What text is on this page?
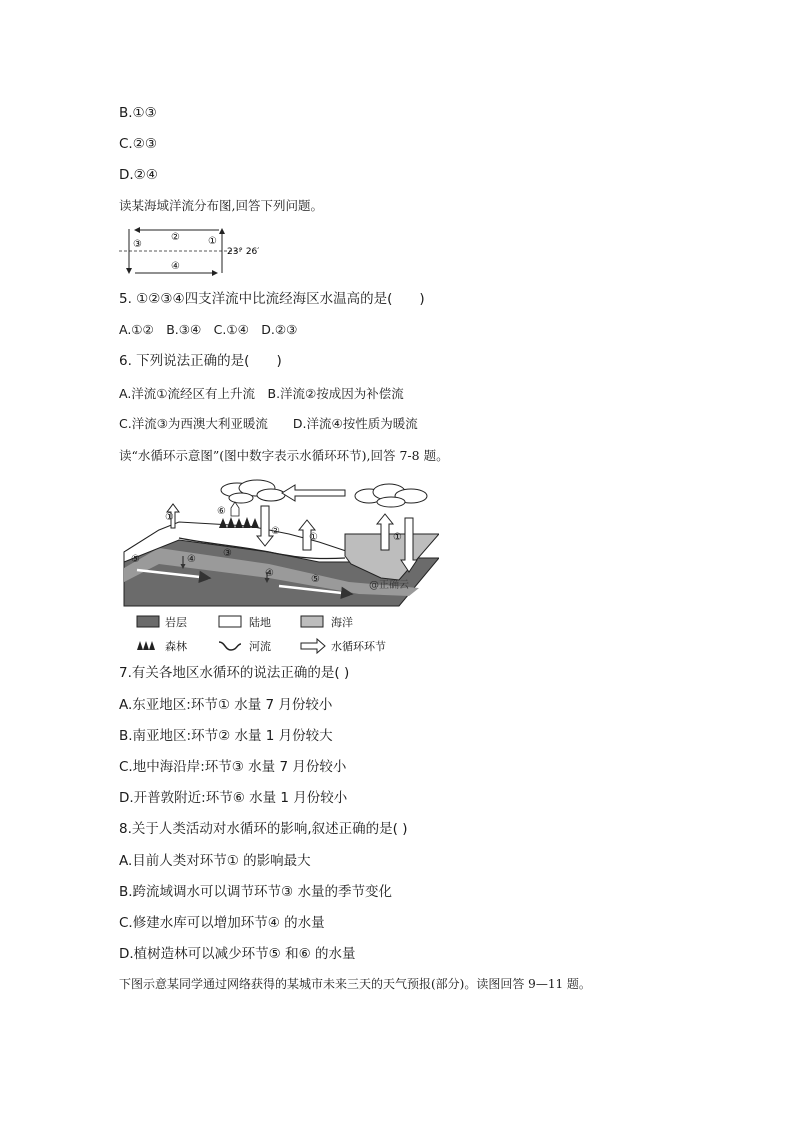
B.①③
C.②③
D.②④
读某海域洋流分布图,回答下列问题。
②
③	①
④
23° 26′
5. ①②③④四支洋流中比流经海区水温高的是(　　)
A.①②　B.③④　C.①④　D.②③
6. 下列说法正确的是(　　)
A.洋流①流经区有上升流　B.洋流②按成因为补偿流
C.洋流③为西澳大利亚暖流　　D.洋流④按性质为暖流
读“水循环示意图”(图中数字表示水循环环节),回答 7-8 题。
①
⑥
②
①	①
⑤	④
③
④
⑤
@正确云
岩层	陆地	海洋
森林	河流	水循环环节
7.有关各地区水循环的说法正确的是( )
A.东亚地区:环节① 水量 7 月份较小
B.南亚地区:环节② 水量 1 月份较大
C.地中海沿岸:环节③ 水量 7 月份较小
D.开普敦附近:环节⑥ 水量 1 月份较小
8.关于人类活动对水循环的影响,叙述正确的是( )
A.目前人类对环节① 的影响最大
B.跨流域调水可以调节环节③ 水量的季节变化
C.修建水库可以增加环节④ 的水量
D.植树造林可以减少环节⑤ 和⑥ 的水量
下图示意某同学通过网络获得的某城市未来三天的天气预报(部分)。读图回答 9—11 题。
